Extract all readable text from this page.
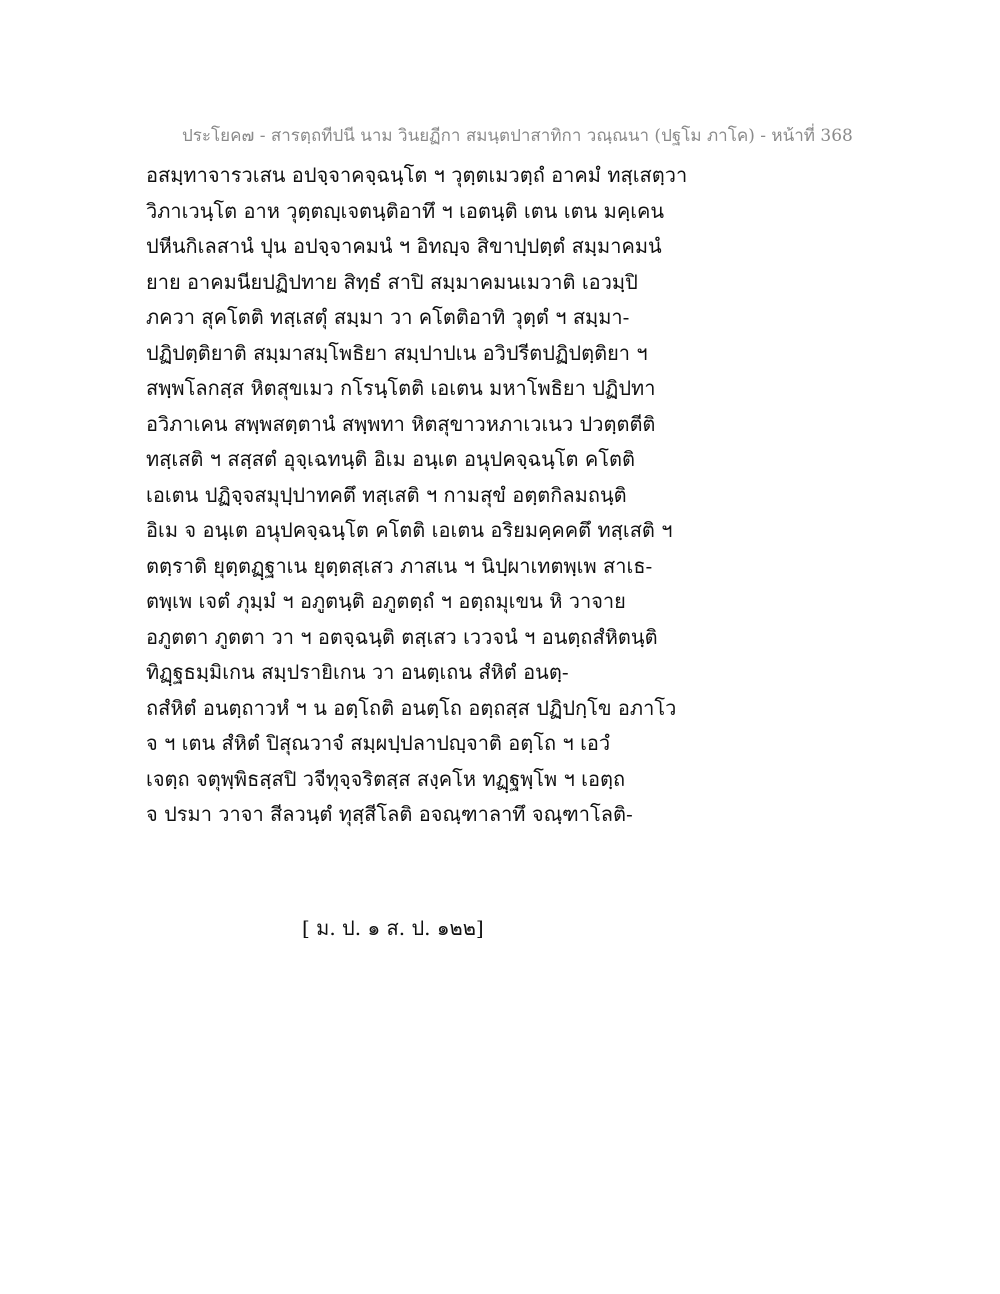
ประโยค๗ - สารตฺถทีปนี นาม วินยฏีกา สมนฺตปาสาทิกา วณฺณนา (ปฐโม ภาโค) - หน้าที่ 368
อสมฺทาจารวเสน อปจฺจาคจฺฉนฺโต ฯ วุตฺตเมวตฺถํ อาคมํ ทสฺเสตฺวา
วิภาเวนฺโต อาห วุตฺตญฺเจตนฺติอาทึ ฯ เอตนฺติ เตน เตน มคฺเคน
ปหีนกิเลสานํ ปุน อปจฺจาคมนํ ฯ อิทญฺจ สิขาปฺปตฺตํ สมฺมาคมนํ
ยาย อาคมนียปฏิปทาย สิทฺธํ สาปิ สมฺมาคมนเมวาติ เอวมฺปิ
ภควา สุคโตติ ทสฺเสตุํ สมฺมา วา คโตติอาทิ วุตฺตํ ฯ สมฺมา-
ปฏิปตฺติยาติ สมฺมาสมฺโพธิยา สมฺปาปเน อวิปรีตปฏิปตฺติยา ฯ
สพฺพโลกสฺส หิตสุขเมว กโรนฺโตติ เอเตน มหาโพธิยา ปฏิปทา
อวิภาเคน สพฺพสตฺตานํ สพฺพทา หิตสุขาวหภาเวเนว ปวตฺตตีติ
ทสฺเสติ ฯ สสฺสตํ อุจฺเฉทนฺติ อิเม อนฺเต อนุปคจฺฉนฺโต คโตติ
เอเตน ปฏิจฺจสมุปฺปาทคตึ ทสฺเสติ ฯ กามสุขํ อตฺตกิลมถนฺติ
อิเม จ อนฺเต อนุปคจฺฉนฺโต คโตติ เอเตน อริยมคฺคคตึ ทสฺเสติ ฯ
ตตฺราติ ยุตฺตฏฺฐาเน ยุตฺตสฺเสว ภาสเน ฯ นิปฺผาเทตพฺเพ สาเธ-
ตพฺเพ เจตํ ภุมฺมํ ฯ อภูตนฺติ อภูตตฺถํ ฯ อตฺถมุเขน หิ วาจาย
อภูตตา ภูตตา วา ฯ อตจฺฉนฺติ ตสฺเสว เววจนํ ฯ อนตฺถสํหิตนฺติ
ทิฏฺฐธมฺมิเกน สมฺปรายิเกน วา อนตฺเถน สํหิตํ อนตฺ-
ถสํหิตํ อนตฺถาวหํ ฯ น อตฺโถติ อนตฺโถ อตฺถสฺส ปฏิปกฺโข อภาโว
จ ฯ เตน สํหิตํ ปิสุณวาจํ สมฺผปฺปลาปญฺจาติ อตฺโถ ฯ เอวํ
เจตฺถ จตุพฺพิธสฺสปิ วจีทุจฺจริตสฺส สงฺคโห ทฏฺฐพฺโพ ฯ เอตฺถ
จ ปรมา วาจา สีลวนฺตํ ทุสฺสีโลติ อจณฺฑาลาทึ จณฺฑาโลติ-
[ ม. ป. ๑ ส. ป. ๑๒๒]
